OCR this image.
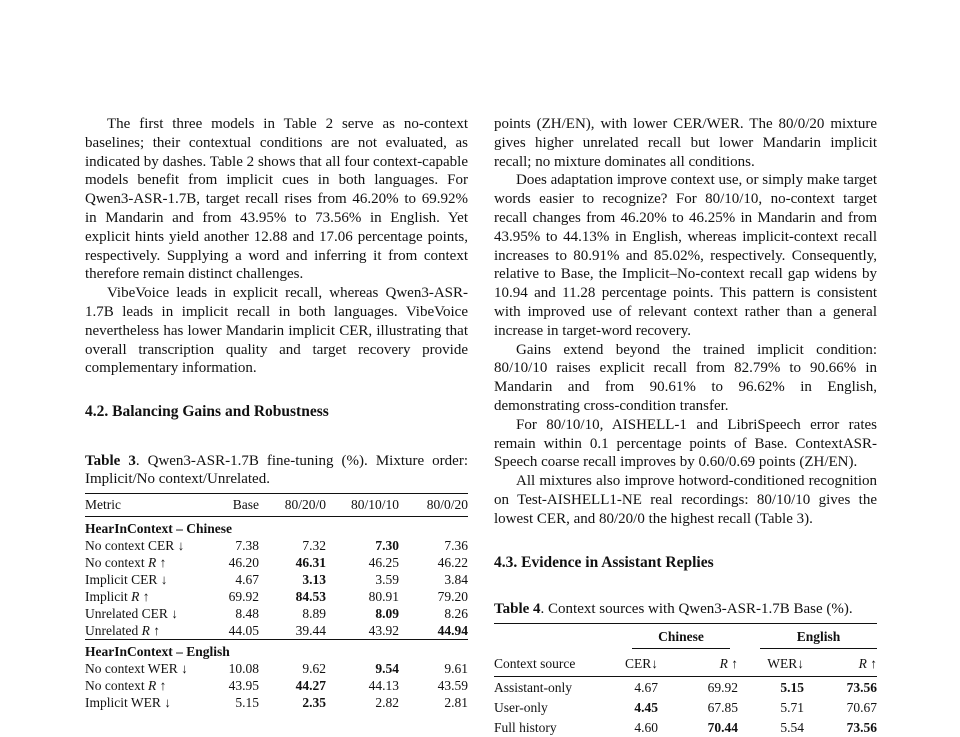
The first three models in Table 2 serve as no-context baselines; their contextual conditions are not evaluated, as indicated by dashes. Table 2 shows that all four context-capable models benefit from implicit cues in both languages. For Qwen3-ASR-1.7B, target recall rises from 46.20% to 69.92% in Mandarin and from 43.95% to 73.56% in English. Yet explicit hints yield another 12.88 and 17.06 percentage points, respectively. Supplying a word and inferring it from context therefore remain distinct challenges.

VibeVoice leads in explicit recall, whereas Qwen3-ASR-1.7B leads in implicit recall in both languages. VibeVoice nevertheless has lower Mandarin implicit CER, illustrating that overall transcription quality and target recovery provide complementary information.

4.2. Balancing Gains and Robustness

Table 3. Qwen3-ASR-1.7B fine-tuning (%). Mixture order: Implicit/No context/Unrelated.

Metric	Base	80/20/0	80/10/10	80/0/20
HearInContext – Chinese				
No context CER ↓	7.38	7.32	7.30	7.36
No context R ↑	46.20	46.31	46.25	46.22
Implicit CER ↓	4.67	3.13	3.59	3.84
Implicit R ↑	69.92	84.53	80.91	79.20
Unrelated CER ↓	8.48	8.89	8.09	8.26
Unrelated R ↑	44.05	39.44	43.92	44.94
HearInContext – English				
No context WER ↓	10.08	9.62	9.54	9.61
No context R ↑	43.95	44.27	44.13	43.59
Implicit WER ↓	5.15	2.35	2.82	2.81

points (ZH/EN), with lower CER/WER. The 80/0/20 mixture gives higher unrelated recall but lower Mandarin implicit recall; no mixture dominates all conditions.

Does adaptation improve context use, or simply make target words easier to recognize? For 80/10/10, no-context target recall changes from 46.20% to 46.25% in Mandarin and from 43.95% to 44.13% in English, whereas implicit-context recall increases to 80.91% and 85.02%, respectively. Consequently, relative to Base, the Implicit–No-context recall gap widens by 10.94 and 11.28 percentage points. This pattern is consistent with improved use of relevant context rather than a general increase in target-word recovery.

Gains extend beyond the trained implicit condition: 80/10/10 raises explicit recall from 82.79% to 90.66% in Mandarin and from 90.61% to 96.62% in English, demonstrating cross-condition transfer.

For 80/10/10, AISHELL-1 and LibriSpeech error rates remain within 0.1 percentage points of Base. ContextASR-Speech coarse recall improves by 0.60/0.69 points (ZH/EN).

All mixtures also improve hotword-conditioned recognition on Test-AISHELL1-NE real recordings: 80/10/10 gives the lowest CER, and 80/20/0 the highest recall (Table 3).

4.3. Evidence in Assistant Replies

Table 4. Context sources with Qwen3-ASR-1.7B Base (%).

	Chinese		English	

Context source	CER↓	R ↑	WER↓	R ↑
Assistant-only	4.67	69.92	5.15	73.56
User-only	4.45	67.85	5.71	70.67
Full history	4.60	70.44	5.54	73.56
